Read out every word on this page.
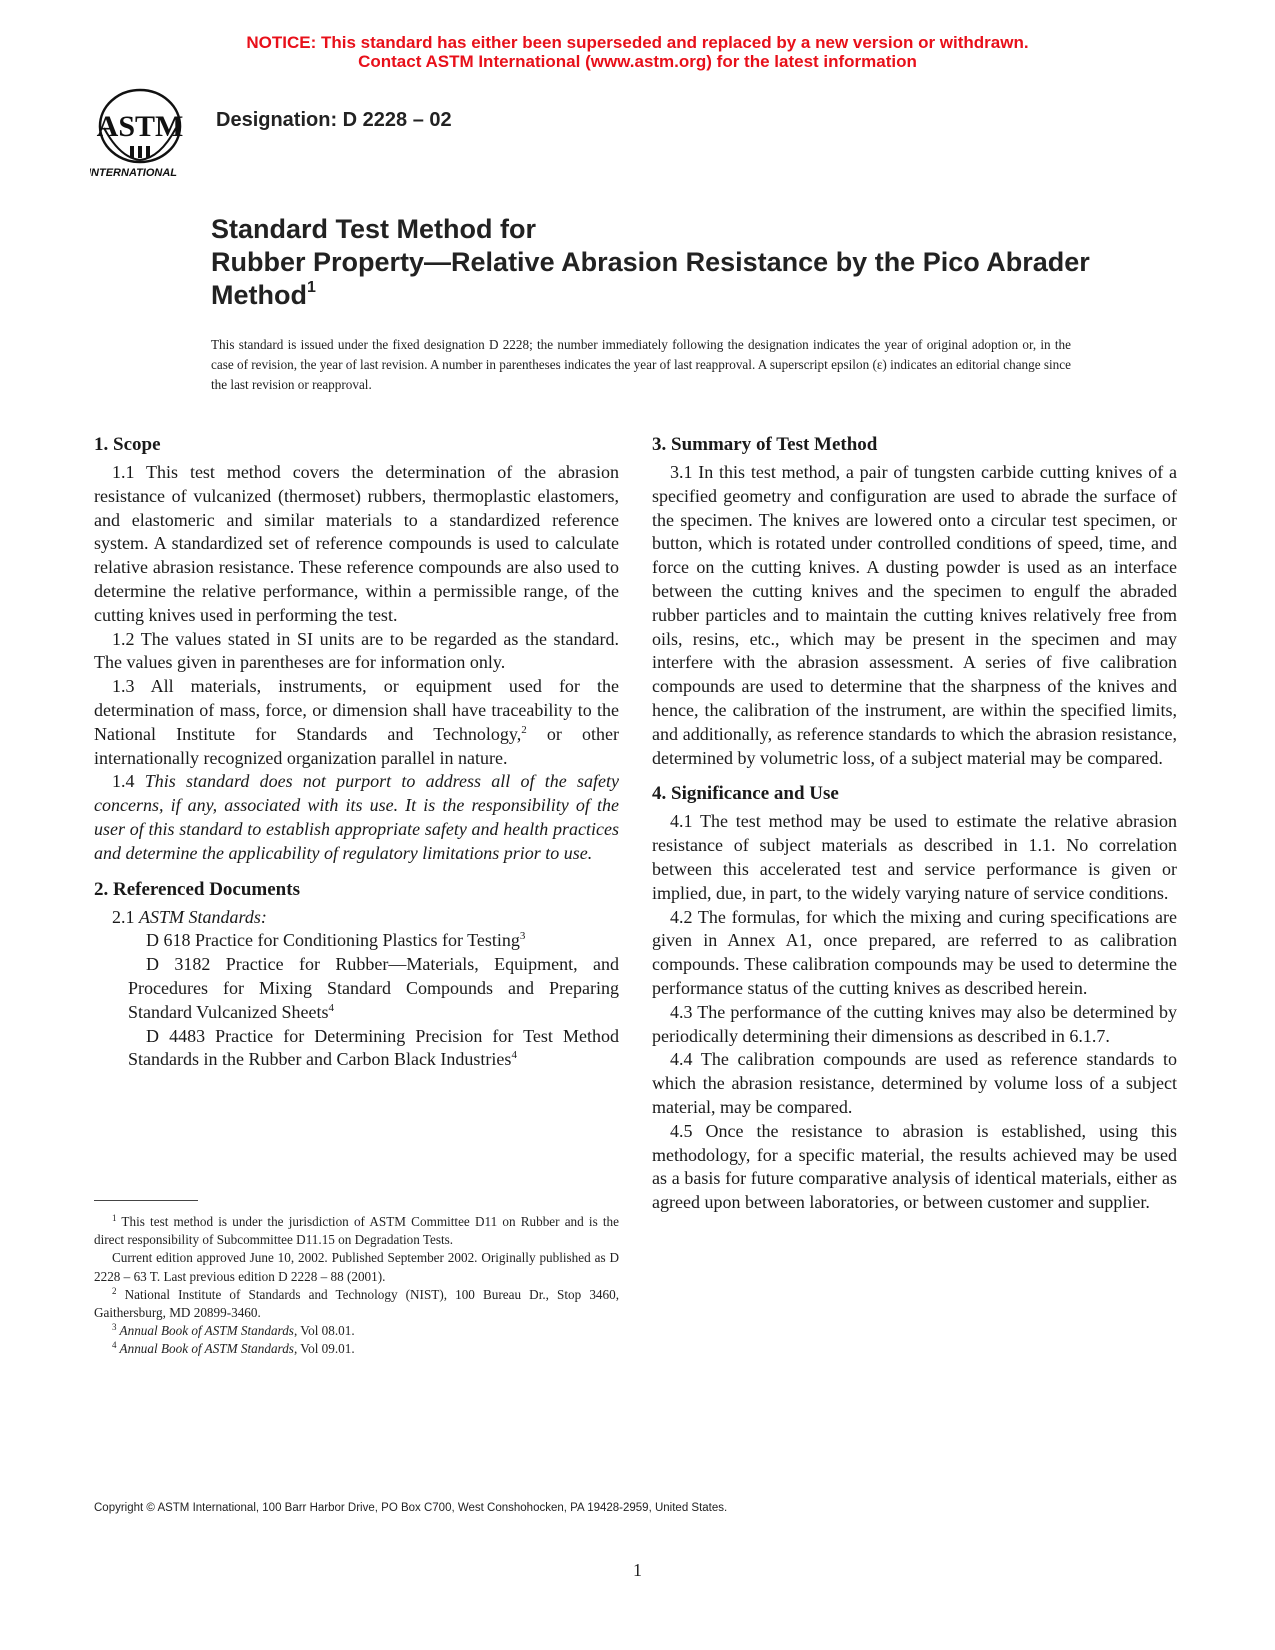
NOTICE: This standard has either been superseded and replaced by a new version or withdrawn.
Contact ASTM International (www.astm.org) for the latest information
ASTM
INTERNATIONAL
Designation: D 2228 – 02
Standard Test Method for
Rubber Property—Relative Abrasion Resistance by the Pico Abrader Method$^1$
This standard is issued under the fixed designation D 2228; the number immediately following the designation indicates the year of original adoption or, in the case of revision, the year of last revision. A number in parentheses indicates the year of last reapproval. A superscript epsilon (ε) indicates an editorial change since the last revision or reapproval.
1. Scope

1.1 This test method covers the determination of the abrasion resistance of vulcanized (thermoset) rubbers, thermoplastic elastomers, and elastomeric and similar materials to a standardized reference system. A standardized set of reference compounds is used to calculate relative abrasion resistance. These reference compounds are also used to determine the relative performance, within a permissible range, of the cutting knives used in performing the test.

1.2 The values stated in SI units are to be regarded as the standard. The values given in parentheses are for information only.

1.3 All materials, instruments, or equipment used for the determination of mass, force, or dimension shall have traceability to the National Institute for Standards and Technology,$^2$ or other internationally recognized organization parallel in nature.

1.4 This standard does not purport to address all of the safety concerns, if any, associated with its use. It is the responsibility of the user of this standard to establish appropriate safety and health practices and determine the applicability of regulatory limitations prior to use.

2. Referenced Documents

2.1 ASTM Standards:

D 618 Practice for Conditioning Plastics for Testing$^3$

D 3182 Practice for Rubber—Materials, Equipment, and Procedures for Mixing Standard Compounds and Preparing Standard Vulcanized Sheets$^4$

D 4483 Practice for Determining Precision for Test Method Standards in the Rubber and Carbon Black Industries$^4$

$^1$ This test method is under the jurisdiction of ASTM Committee D11 on Rubber and is the direct responsibility of Subcommittee D11.15 on Degradation Tests.

Current edition approved June 10, 2002. Published September 2002. Originally published as D 2228 – 63 T. Last previous edition D 2228 – 88 (2001).

$^2$ National Institute of Standards and Technology (NIST), 100 Bureau Dr., Stop 3460, Gaithersburg, MD 20899-3460.

$^3$ Annual Book of ASTM Standards, Vol 08.01.

$^4$ Annual Book of ASTM Standards, Vol 09.01.

3. Summary of Test Method

3.1 In this test method, a pair of tungsten carbide cutting knives of a specified geometry and configuration are used to abrade the surface of the specimen. The knives are lowered onto a circular test specimen, or button, which is rotated under controlled conditions of speed, time, and force on the cutting knives. A dusting powder is used as an interface between the cutting knives and the specimen to engulf the abraded rubber particles and to maintain the cutting knives relatively free from oils, resins, etc., which may be present in the specimen and may interfere with the abrasion assessment. A series of five calibration compounds are used to determine that the sharpness of the knives and hence, the calibration of the instrument, are within the specified limits, and additionally, as reference standards to which the abrasion resistance, determined by volumetric loss, of a subject material may be compared.

4. Significance and Use

4.1 The test method may be used to estimate the relative abrasion resistance of subject materials as described in 1.1. No correlation between this accelerated test and service performance is given or implied, due, in part, to the widely varying nature of service conditions.

4.2 The formulas, for which the mixing and curing specifications are given in Annex A1, once prepared, are referred to as calibration compounds. These calibration compounds may be used to determine the performance status of the cutting knives as described herein.

4.3 The performance of the cutting knives may also be determined by periodically determining their dimensions as described in 6.1.7.

4.4 The calibration compounds are used as reference standards to which the abrasion resistance, determined by volume loss of a subject material, may be compared.

4.5 Once the resistance to abrasion is established, using this methodology, for a specific material, the results achieved may be used as a basis for future comparative analysis of identical materials, either as agreed upon between laboratories, or between customer and supplier.

Copyright © ASTM International, 100 Barr Harbor Drive, PO Box C700, West Conshohocken, PA 19428-2959, United States.
1
